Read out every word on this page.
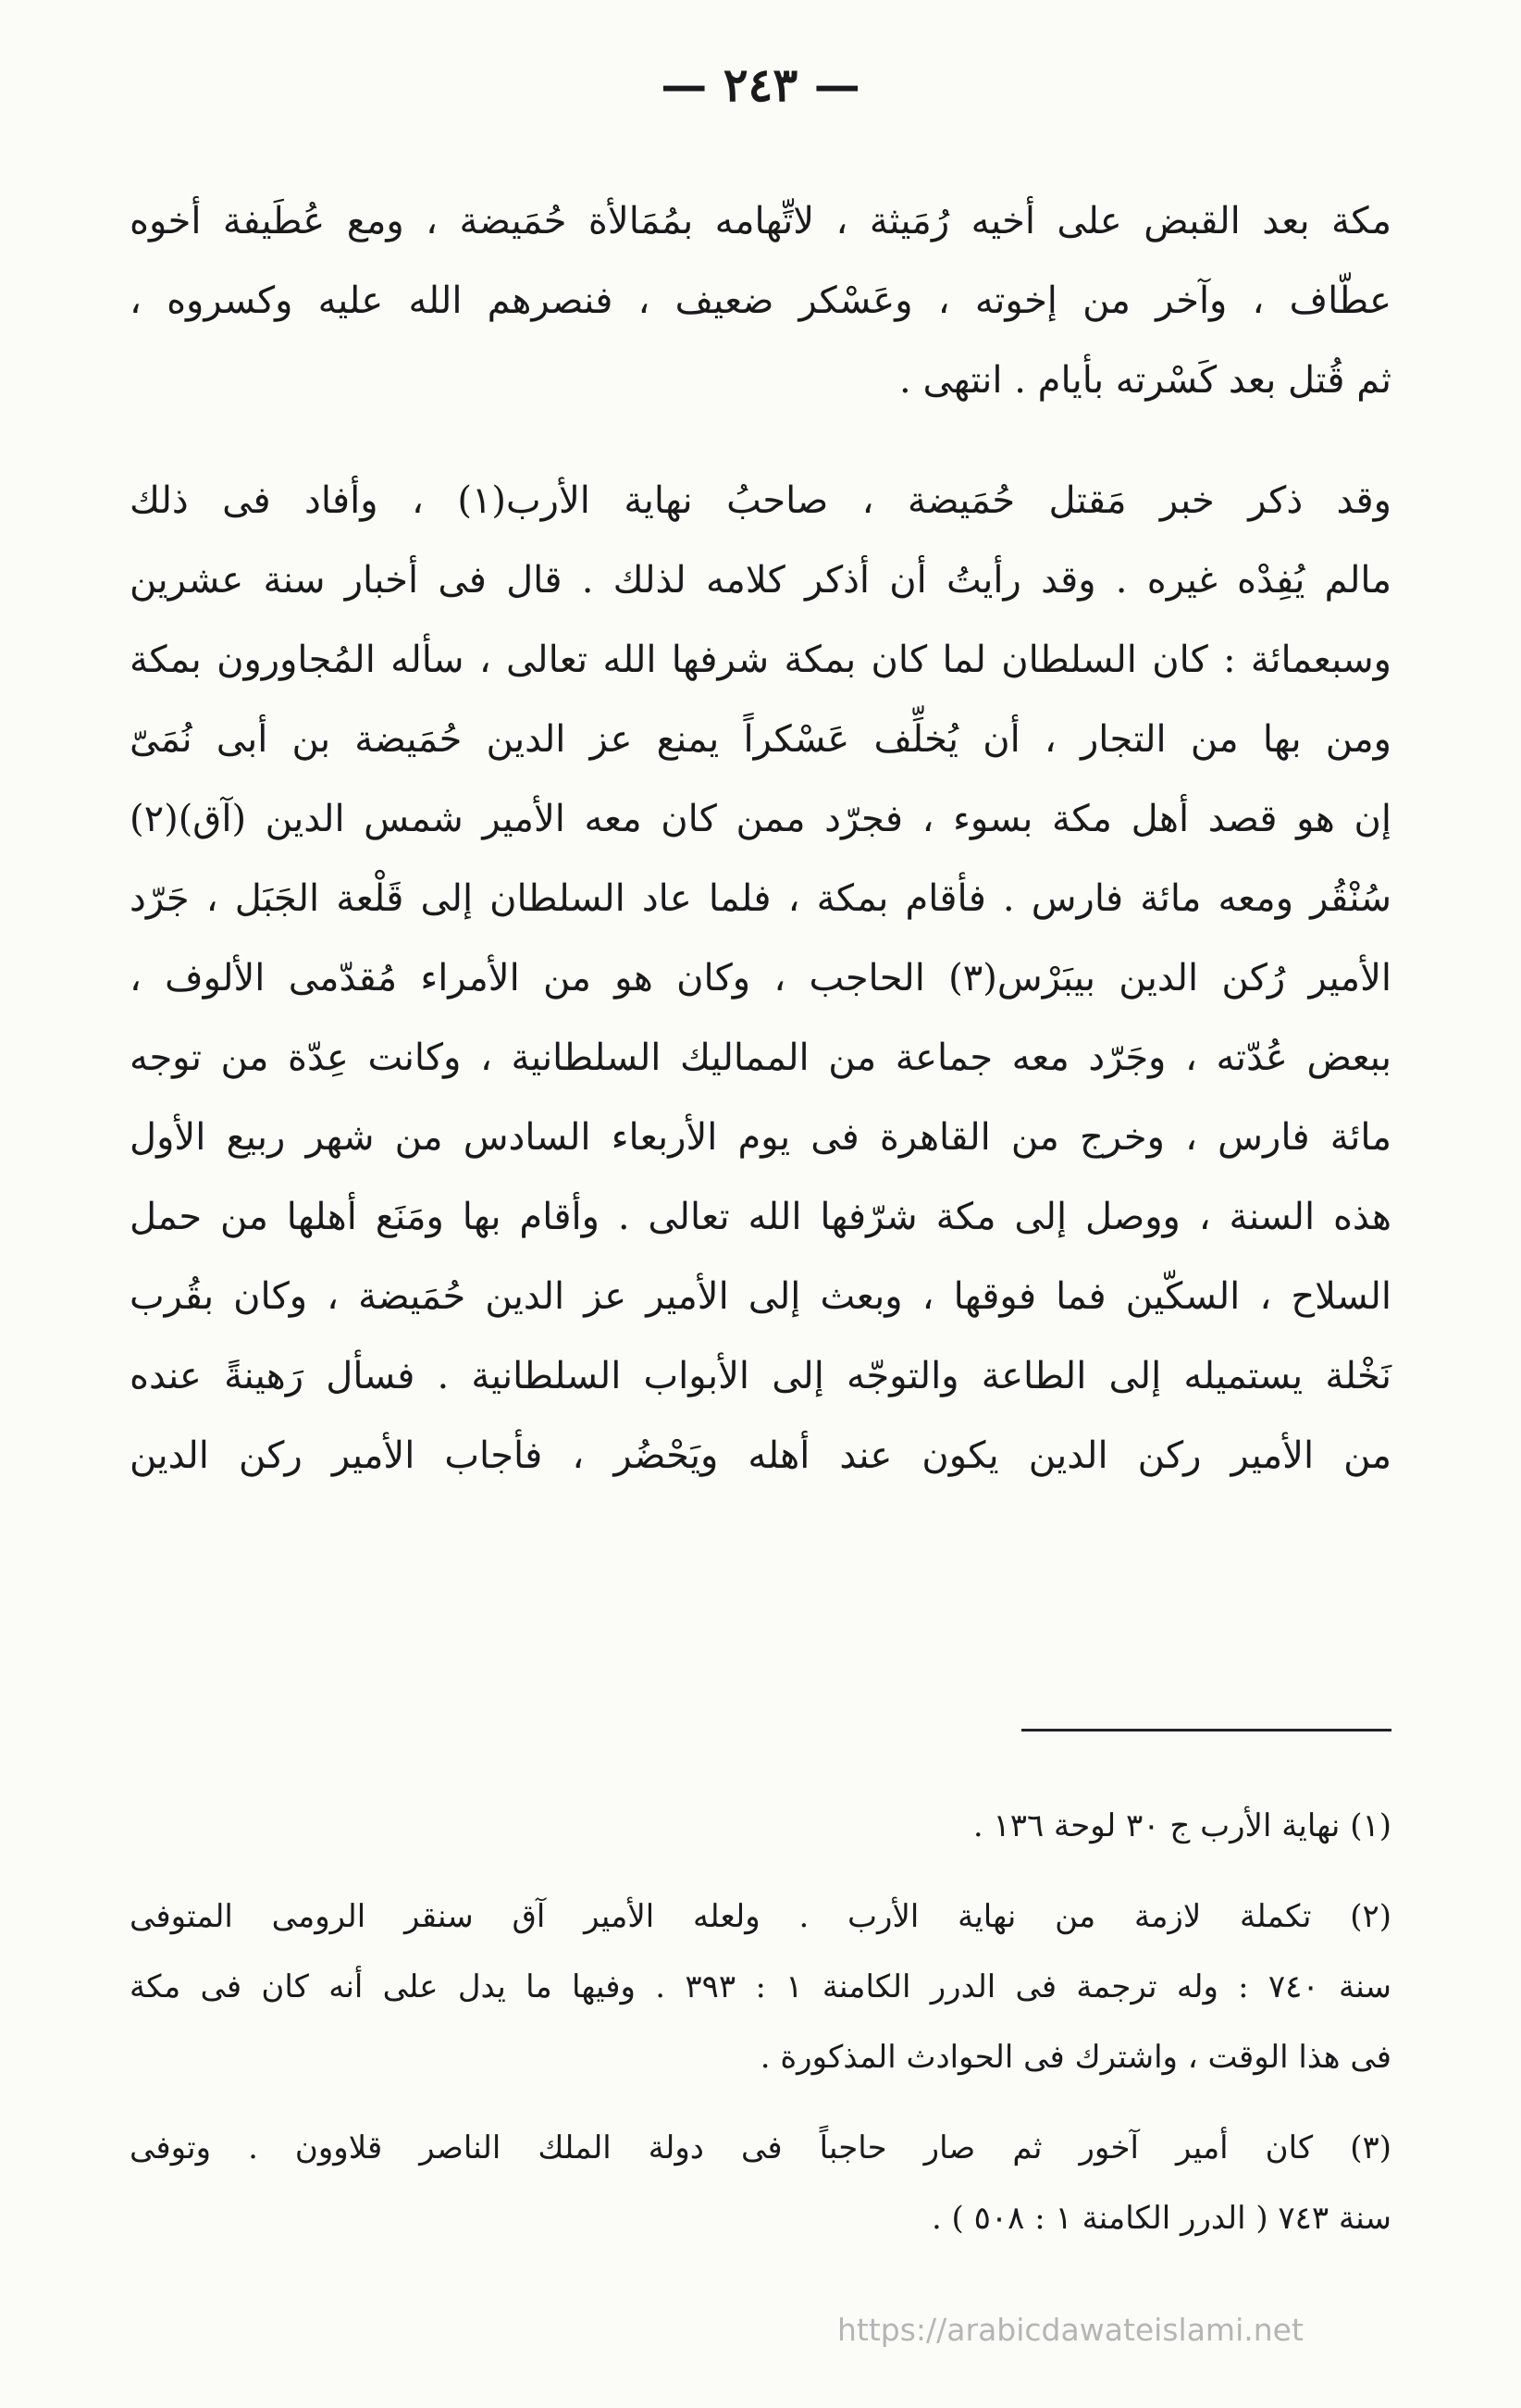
— ٢٤٣ —
مكة بعد القبض على أخيه رُمَيثة ، لاتِّهامه بمُمَالأة حُمَيضة ، ومع عُطَيفة أخوه
عطّاف ، وآخر من إخوته ، وعَسْكر ضعيف ، فنصرهم الله عليه وكسروه ،
ثم قُتل بعد كَسْرته بأيام . انتهى .
وقد ذكر خبر مَقتل حُمَيضة ، صاحبُ نهاية الأرب(١) ، وأفاد فى ذلك
مالم يُفِدْه غيره . وقد رأيتُ أن أذكر كلامه لذلك . قال فى أخبار سنة عشرين
وسبعمائة : كان السلطان لما كان بمكة شرفها الله تعالى ، سأله المُجاورون بمكة
ومن بها من التجار ، أن يُخلِّف عَسْكراً يمنع عز الدين حُمَيضة بن أبى نُمَىّ
إن هو قصد أهل مكة بسوء ، فجرّد ممن كان معه الأمير شمس الدين (آق)(٢)
سُنْقُر ومعه مائة فارس . فأقام بمكة ، فلما عاد السلطان إلى قَلْعة الجَبَل ، جَرّد
الأمير رُكن الدين بيبَرْس(٣) الحاجب ، وكان هو من الأمراء مُقدّمى الألوف ،
ببعض عُدّته ، وجَرّد معه جماعة من المماليك السلطانية ، وكانت عِدّة من توجه
مائة فارس ، وخرج من القاهرة فى يوم الأربعاء السادس من شهر ربيع الأول
هذه السنة ، ووصل إلى مكة شرّفها الله تعالى . وأقام بها ومَنَع أهلها من حمل
السلاح ، السكّين فما فوقها ، وبعث إلى الأمير عز الدين حُمَيضة ، وكان بقُرب
نَخْلة يستميله إلى الطاعة والتوجّه إلى الأبواب السلطانية . فسأل رَهينةً عنده
من الأمير ركن الدين يكون عند أهله ويَحْضُر ، فأجاب الأمير ركن الدين
(١) نهاية الأرب ج ٣٠ لوحة ١٣٦ .
(٢) تكملة لازمة من نهاية الأرب . ولعله الأمير آق سنقر الرومى المتوفى
سنة ٧٤٠ : وله ترجمة فى الدرر الكامنة ١ : ٣٩٣ . وفيها ما يدل على أنه كان فى مكة
فى هذا الوقت ، واشترك فى الحوادث المذكورة .
(٣) كان أمير آخور ثم صار حاجباً فى دولة الملك الناصر قلاوون . وتوفى
سنة ٧٤٣ ( الدرر الكامنة ١ : ٥٠٨ ) .
https://arabicdawateislami.net
